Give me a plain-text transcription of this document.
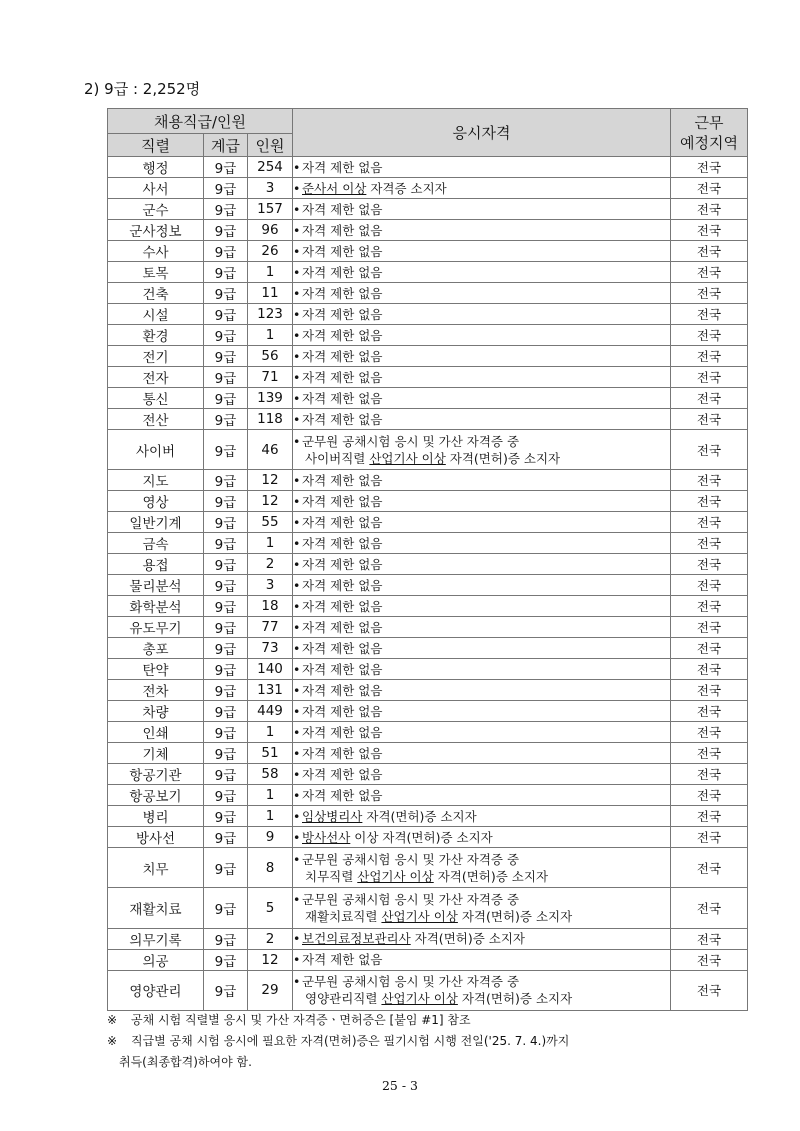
2) 9급 : 2,252명
채용직급/인원			응시자격	근무
예정지역
직렬	계급	인원		
행정	9급	254	• 자격 제한 없음	전국
사서	9급	3	• 준사서 이상 자격증 소지자	전국
군수	9급	157	• 자격 제한 없음	전국
군사정보	9급	96	• 자격 제한 없음	전국
수사	9급	26	• 자격 제한 없음	전국
토목	9급	1	• 자격 제한 없음	전국
건축	9급	11	• 자격 제한 없음	전국
시설	9급	123	• 자격 제한 없음	전국
환경	9급	1	• 자격 제한 없음	전국
전기	9급	56	• 자격 제한 없음	전국
전자	9급	71	• 자격 제한 없음	전국
통신	9급	139	• 자격 제한 없음	전국
전산	9급	118	• 자격 제한 없음	전국
사이버	9급	46	• 군무원 공채시험 응시 및 가산 자격증 중
사이버직렬 산업기사 이상 자격(면허)증 소지자	전국
지도	9급	12	• 자격 제한 없음	전국
영상	9급	12	• 자격 제한 없음	전국
일반기계	9급	55	• 자격 제한 없음	전국
금속	9급	1	• 자격 제한 없음	전국
용접	9급	2	• 자격 제한 없음	전국
물리분석	9급	3	• 자격 제한 없음	전국
화학분석	9급	18	• 자격 제한 없음	전국
유도무기	9급	77	• 자격 제한 없음	전국
총포	9급	73	• 자격 제한 없음	전국
탄약	9급	140	• 자격 제한 없음	전국
전차	9급	131	• 자격 제한 없음	전국
차량	9급	449	• 자격 제한 없음	전국
인쇄	9급	1	• 자격 제한 없음	전국
기체	9급	51	• 자격 제한 없음	전국
항공기관	9급	58	• 자격 제한 없음	전국
항공보기	9급	1	• 자격 제한 없음	전국
병리	9급	1	• 임상병리사 자격(면허)증 소지자	전국
방사선	9급	9	• 방사선사 이상 자격(면허)증 소지자	전국
치무	9급	8	• 군무원 공채시험 응시 및 가산 자격증 중
치무직렬 산업기사 이상 자격(면허)증 소지자	전국
재활치료	9급	5	• 군무원 공채시험 응시 및 가산 자격증 중
재활치료직렬 산업기사 이상 자격(면허)증 소지자	전국
의무기록	9급	2	• 보건의료정보관리사 자격(면허)증 소지자	전국
의공	9급	12	• 자격 제한 없음	전국
영양관리	9급	29	• 군무원 공채시험 응시 및 가산 자격증 중
영양관리직렬 산업기사 이상 자격(면허)증 소지자	전국
※	공채 시험 직렬별 응시 및 가산 자격증ㆍ면허증은 [붙임 #1] 참조
※	직급별 공채 시험 응시에 필요한 자격(면허)증은 필기시험 시행 전일('25. 7. 4.)까지
취득(최종합격)하여야 함.
25 - 3
